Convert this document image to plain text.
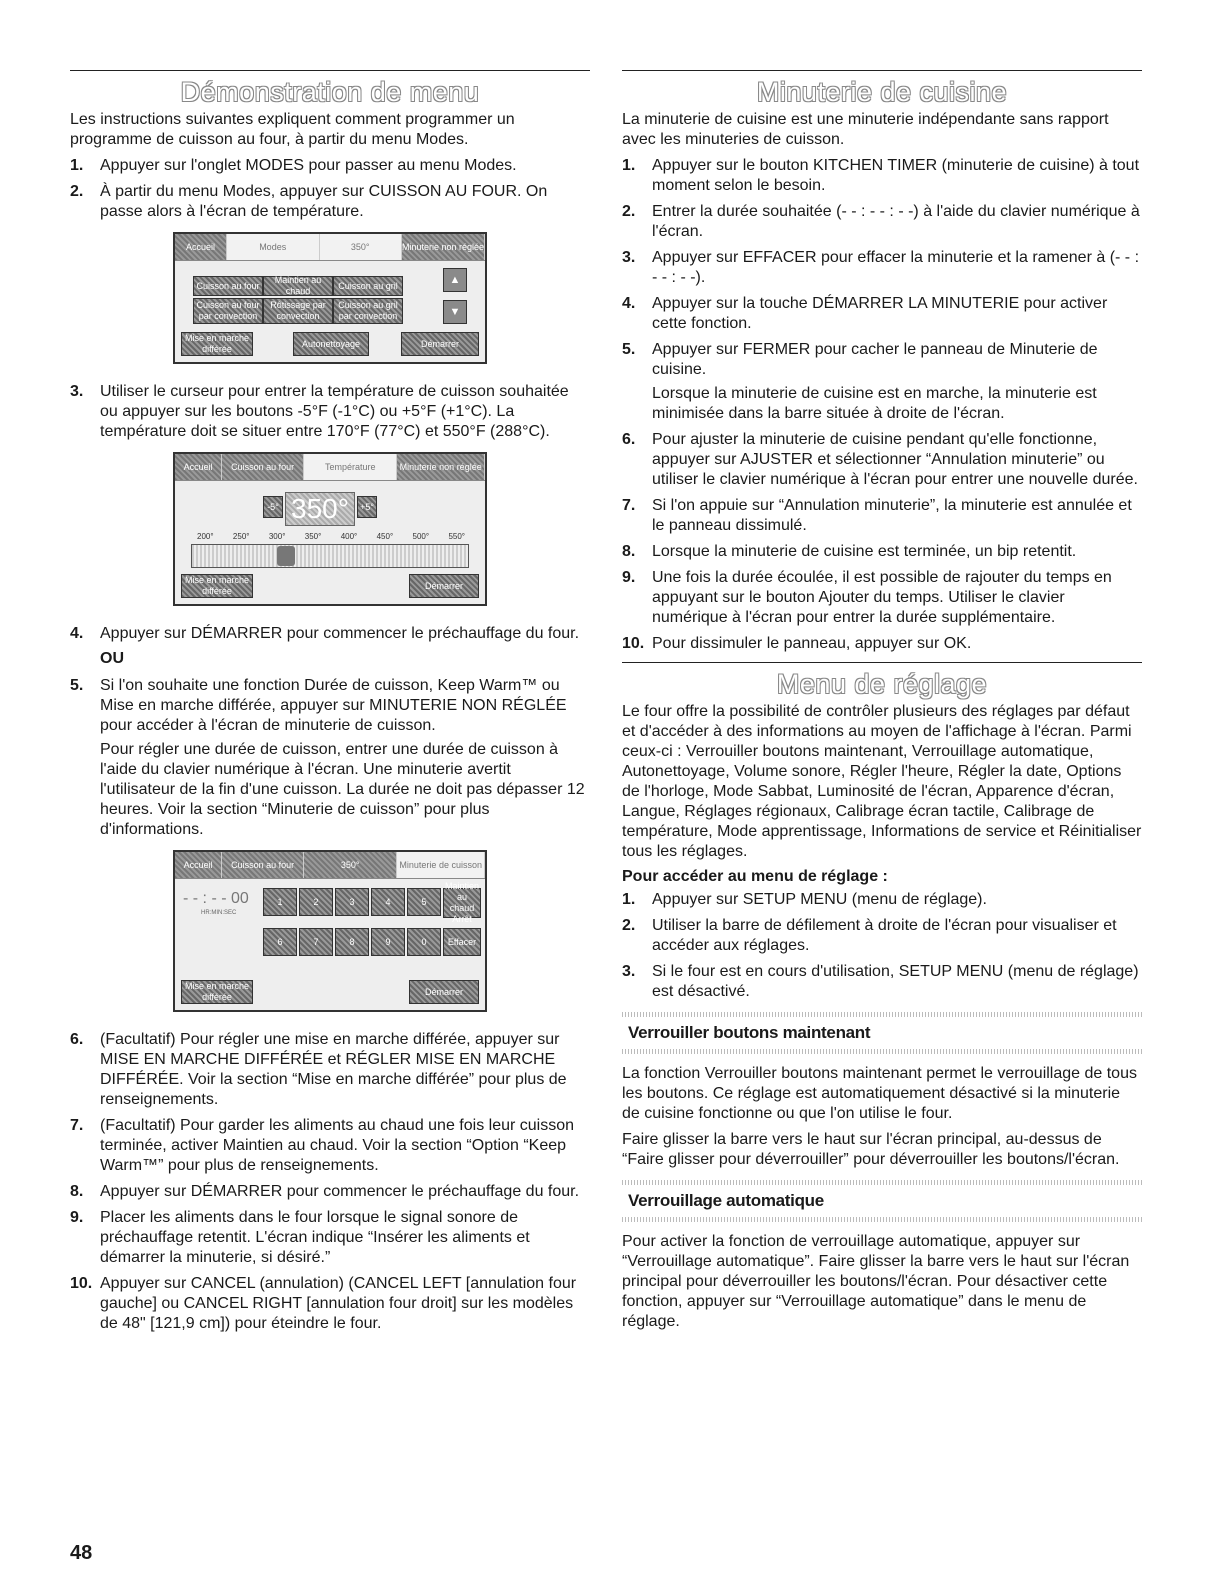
Démonstration de menu

Les instructions suivantes expliquent comment programmer un programme de cuisson au four, à partir du menu Modes.

1. Appuyer sur l'onglet MODES pour passer au menu Modes.
2. À partir du menu Modes, appuyer sur CUISSON AU FOUR. On passe alors à l'écran de température.
Accueil	Modes	350°	Minuterie non réglée
Cuisson au four
Maintien au chaud
Cuisson au gril
Cuisson au four par convection
Rôtissage par convection
Cuisson au gril par convection
▲
▼
Mise en marche différée
Autonettoyage	Démarrer
3. Utiliser le curseur pour entrer la température de cuisson souhaitée ou appuyer sur les boutons -5°F (-1°C) ou +5°F (+1°C). La température doit se situer entre 170°F (77°C) et 550°F (288°C).
Accueil	Cuisson au four	Température	Minuterie non réglée
-5° 350°	+5°
200° 250° 300° 350° 400° 450° 500° 550°
Mise en marche différée
Démarrer
4. Appuyer sur DÉMARRER pour commencer le préchauffage du four.
OU
5. Si l'on souhaite une fonction Durée de cuisson, Keep Warm™ ou Mise en marche différée, appuyer sur MINUTERIE NON RÉGLÉE pour accéder à l'écran de minuterie de cuisson.

Pour régler une durée de cuisson, entrer une durée de cuisson à l'aide du clavier numérique à l'écran. Une minuterie avertit l'utilisateur de la fin d'une cuisson. La durée ne doit pas dépasser 12 heures. Voir la section “Minuterie de cuisson” pour plus d'informations.

Accueil	Cuisson au four	350°	Minuterie de cuisson
- - : - - 00
HR:MIN:SEC
1	2	3	4	5
6	7	8	9	0
Maintien au chaud Arrêt
Effacer
Mise en marche différée
Démarrer
6. (Facultatif) Pour régler une mise en marche différée, appuyer sur MISE EN MARCHE DIFFÉRÉE et RÉGLER MISE EN MARCHE DIFFÉRÉE. Voir la section “Mise en marche différée” pour plus de renseignements.
7. (Facultatif) Pour garder les aliments au chaud une fois leur cuisson terminée, activer Maintien au chaud. Voir la section “Option “Keep Warm™” pour plus de renseignements.
8. Appuyer sur DÉMARRER pour commencer le préchauffage du four.
9. Placer les aliments dans le four lorsque le signal sonore de préchauffage retentit. L'écran indique “Insérer les aliments et démarrer la minuterie, si désiré.”
10. Appuyer sur CANCEL (annulation) (CANCEL LEFT [annulation four gauche] ou CANCEL RIGHT [annulation four droit] sur les modèles de 48" [121,9 cm]) pour éteindre le four.
Minuterie de cuisine

La minuterie de cuisine est une minuterie indépendante sans rapport avec les minuteries de cuisson.

1. Appuyer sur le bouton KITCHEN TIMER (minuterie de cuisine) à tout moment selon le besoin.
2. Entrer la durée souhaitée (- - : - - : - -) à l'aide du clavier numérique à l'écran.
3. Appuyer sur EFFACER pour effacer la minuterie et la ramener à (- - : - - : - -).
4. Appuyer sur la touche DÉMARRER LA MINUTERIE pour activer cette fonction.
5. Appuyer sur FERMER pour cacher le panneau de Minuterie de cuisine.

Lorsque la minuterie de cuisine est en marche, la minuterie est minimisée dans la barre située à droite de l'écran.

6. Pour ajuster la minuterie de cuisine pendant qu'elle fonctionne, appuyer sur AJUSTER et sélectionner “Annulation minuterie” ou utiliser le clavier numérique à l'écran pour entrer une nouvelle durée.
7. Si l'on appuie sur “Annulation minuterie”, la minuterie est annulée et le panneau dissimulé.
8. Lorsque la minuterie de cuisine est terminée, un bip retentit.
9. Une fois la durée écoulée, il est possible de rajouter du temps en appuyant sur le bouton Ajouter du temps. Utiliser le clavier numérique à l'écran pour entrer la durée supplémentaire.
10. Pour dissimuler le panneau, appuyer sur OK.
Menu de réglage

Le four offre la possibilité de contrôler plusieurs des réglages par défaut et d'accéder à des informations au moyen de l'affichage à l'écran. Parmi ceux-ci : Verrouiller boutons maintenant, Verrouillage automatique, Autonettoyage, Volume sonore, Régler l'heure, Régler la date, Options de l'horloge, Mode Sabbat, Luminosité de l'écran, Apparence d'écran, Langue, Réglages régionaux, Calibrage écran tactile, Calibrage de température, Mode apprentissage, Informations de service et Réinitialiser tous les réglages.

Pour accéder au menu de réglage :
1. Appuyer sur SETUP MENU (menu de réglage).
2. Utiliser la barre de défilement à droite de l'écran pour visualiser et accéder aux réglages.
3. Si le four est en cours d'utilisation, SETUP MENU (menu de réglage) est désactivé.
Verrouiller boutons maintenant

La fonction Verrouiller boutons maintenant permet le verrouillage de tous les boutons. Ce réglage est automatiquement désactivé si la minuterie de cuisine fonctionne ou que l'on utilise le four.

Faire glisser la barre vers le haut sur l'écran principal, au-dessus de “Faire glisser pour déverrouiller” pour déverrouiller les boutons/l'écran.

Verrouillage automatique

Pour activer la fonction de verrouillage automatique, appuyer sur “Verrouillage automatique”. Faire glisser la barre vers le haut sur l'écran principal pour déverrouiller les boutons/l'écran. Pour désactiver cette fonction, appuyer sur “Verrouillage automatique” dans le menu de réglage.

48
